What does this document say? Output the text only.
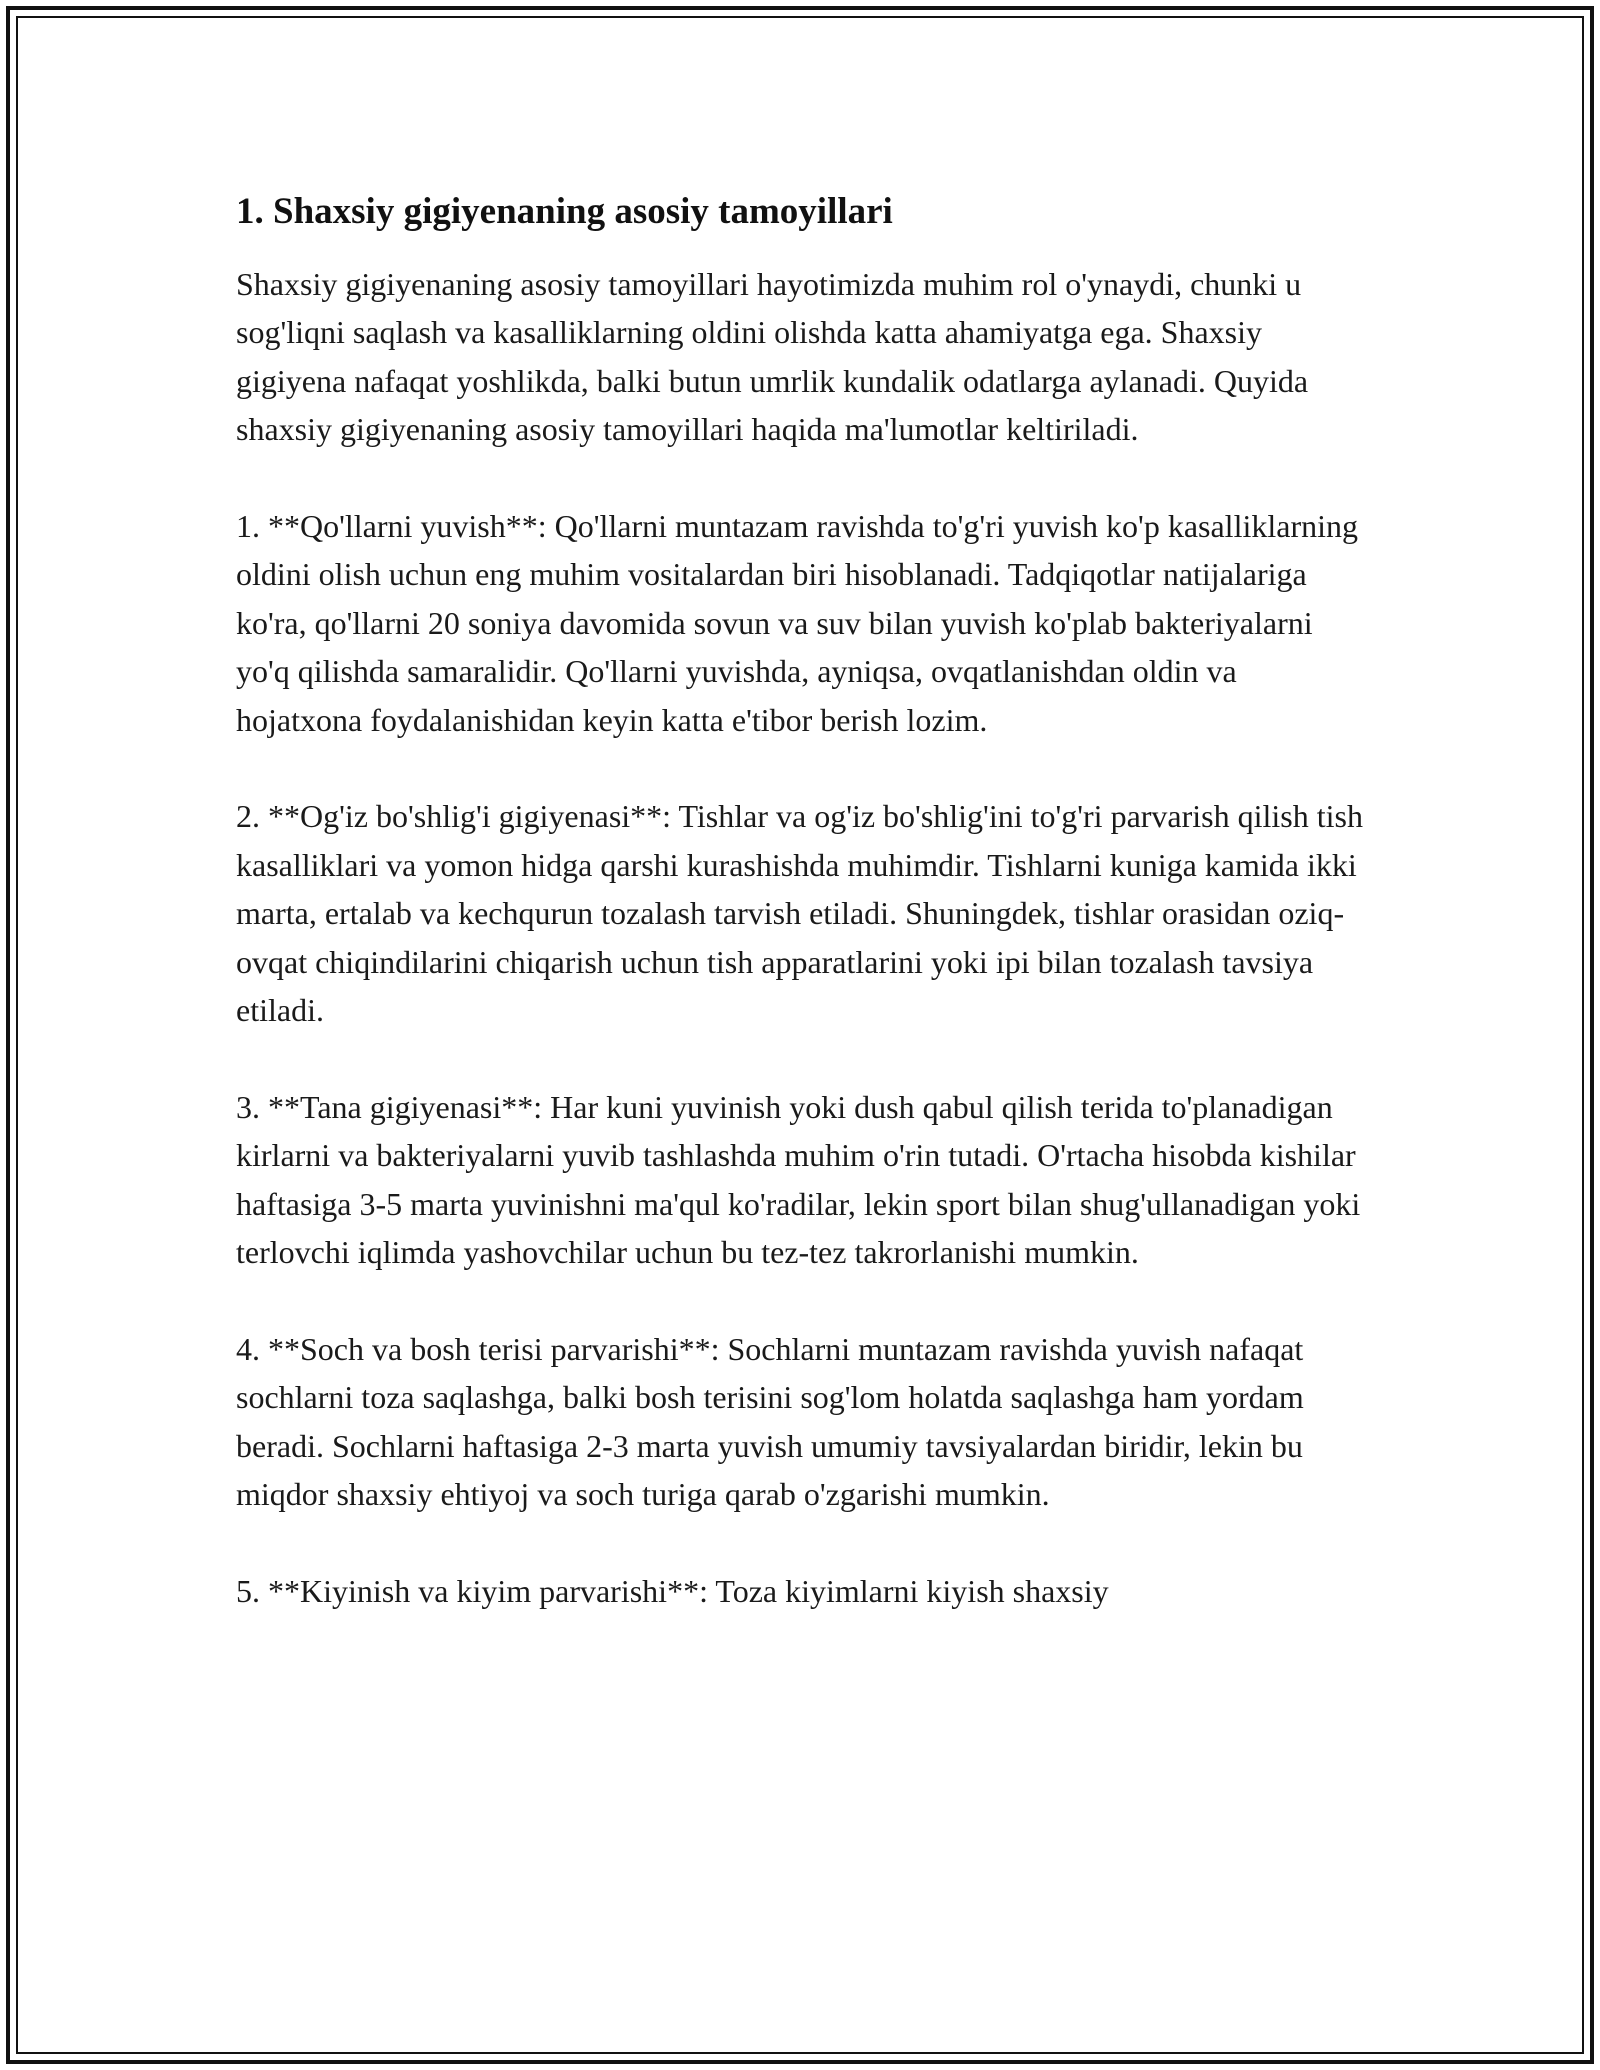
1. Shaxsiy gigiyenaning asosiy tamoyillari

Shaxsiy gigiyenaning asosiy tamoyillari hayotimizda muhim rol o'ynaydi, chunki u sog'liqni saqlash va kasalliklarning oldini olishda katta ahamiyatga ega. Shaxsiy gigiyena nafaqat yoshlikda, balki butun umrlik kundalik odatlarga aylanadi. Quyida shaxsiy gigiyenaning asosiy tamoyillari haqida ma'lumotlar keltiriladi.

1. **Qo'llarni yuvish**: Qo'llarni muntazam ravishda to'g'ri yuvish ko'p kasalliklarning oldini olish uchun eng muhim vositalardan biri hisoblanadi. Tadqiqotlar natijalariga ko'ra, qo'llarni 20 soniya davomida sovun va suv bilan yuvish ko'plab bakteriyalarni yo'q qilishda samaralidir. Qo'llarni yuvishda, ayniqsa, ovqatlanishdan oldin va hojatxona foydalanishidan keyin katta e'tibor berish lozim.

2. **Og'iz bo'shlig'i gigiyenasi**: Tishlar va og'iz bo'shlig'ini to'g'ri parvarish qilish tish kasalliklari va yomon hidga qarshi kurashishda muhimdir. Tishlarni kuniga kamida ikki marta, ertalab va kechqurun tozalash tarvish etiladi. Shuningdek, tishlar orasidan oziq-ovqat chiqindilarini chiqarish uchun tish apparatlarini yoki ipi bilan tozalash tavsiya etiladi.

3. **Tana gigiyenasi**: Har kuni yuvinish yoki dush qabul qilish terida to'planadigan kirlarni va bakteriyalarni yuvib tashlashda muhim o'rin tutadi. O'rtacha hisobda kishilar haftasiga 3-5 marta yuvinishni ma'qul ko'radilar, lekin sport bilan shug'ullanadigan yoki terlovchi iqlimda yashovchilar uchun bu tez-tez takrorlanishi mumkin.

4. **Soch va bosh terisi parvarishi**: Sochlarni muntazam ravishda yuvish nafaqat sochlarni toza saqlashga, balki bosh terisini sog'lom holatda saqlashga ham yordam beradi. Sochlarni haftasiga 2-3 marta yuvish umumiy tavsiyalardan biridir, lekin bu miqdor shaxsiy ehtiyoj va soch turiga qarab o'zgarishi mumkin.

5. **Kiyinish va kiyim parvarishi**: Toza kiyimlarni kiyish shaxsiy
